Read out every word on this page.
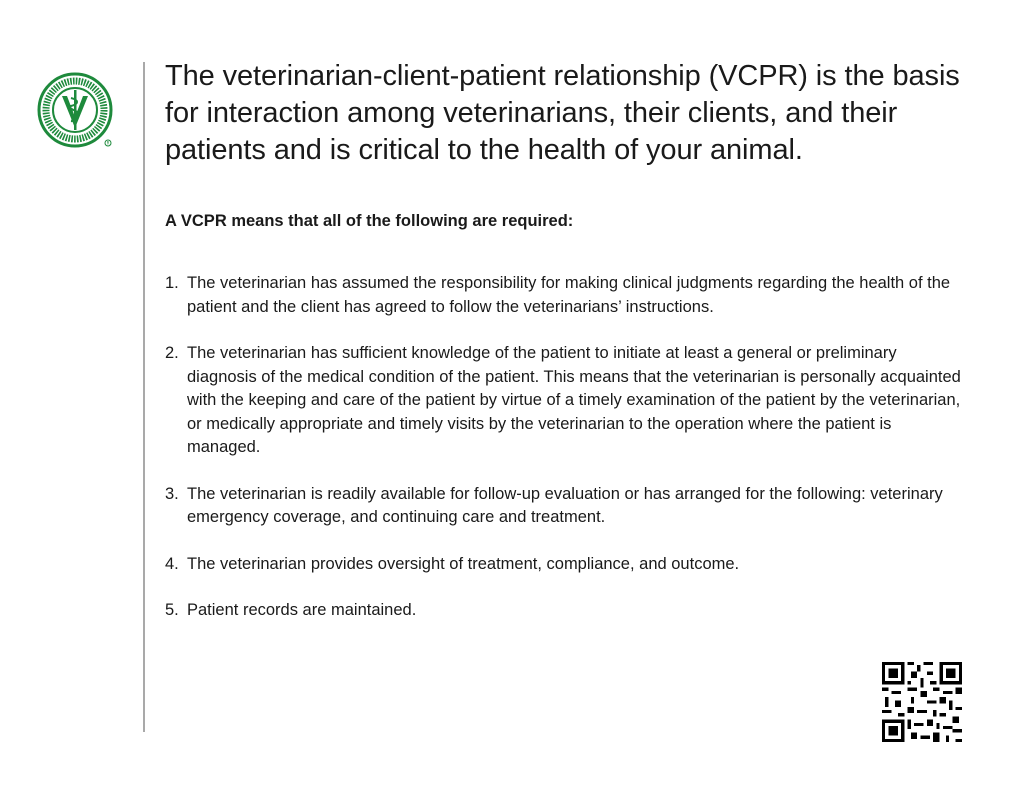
R
The veterinarian-client-patient relationship (VCPR) is the basis for interaction among veterinarians, their clients, and their patients and is critical to the health of your animal.

A VCPR means that all of the following are required:

1. The veterinarian has assumed the responsibility for making clinical judgments regarding the health of the patient and the client has agreed to follow the veterinarians’ instructions.
2. The veterinarian has sufficient knowledge of the patient to initiate at least a general or preliminary diagnosis of the medical condition of the patient. This means that the veterinarian is personally acquainted with the keeping and care of the patient by virtue of a timely examination of the patient by the veterinarian, or medically appropriate and timely visits by the veterinarian to the operation where the patient is managed.
3. The veterinarian is readily available for follow-up evaluation or has arranged for the following: veterinary emergency coverage, and continuing care and treatment.
4. The veterinarian provides oversight of treatment, compliance, and outcome.
5. Patient records are maintained.
